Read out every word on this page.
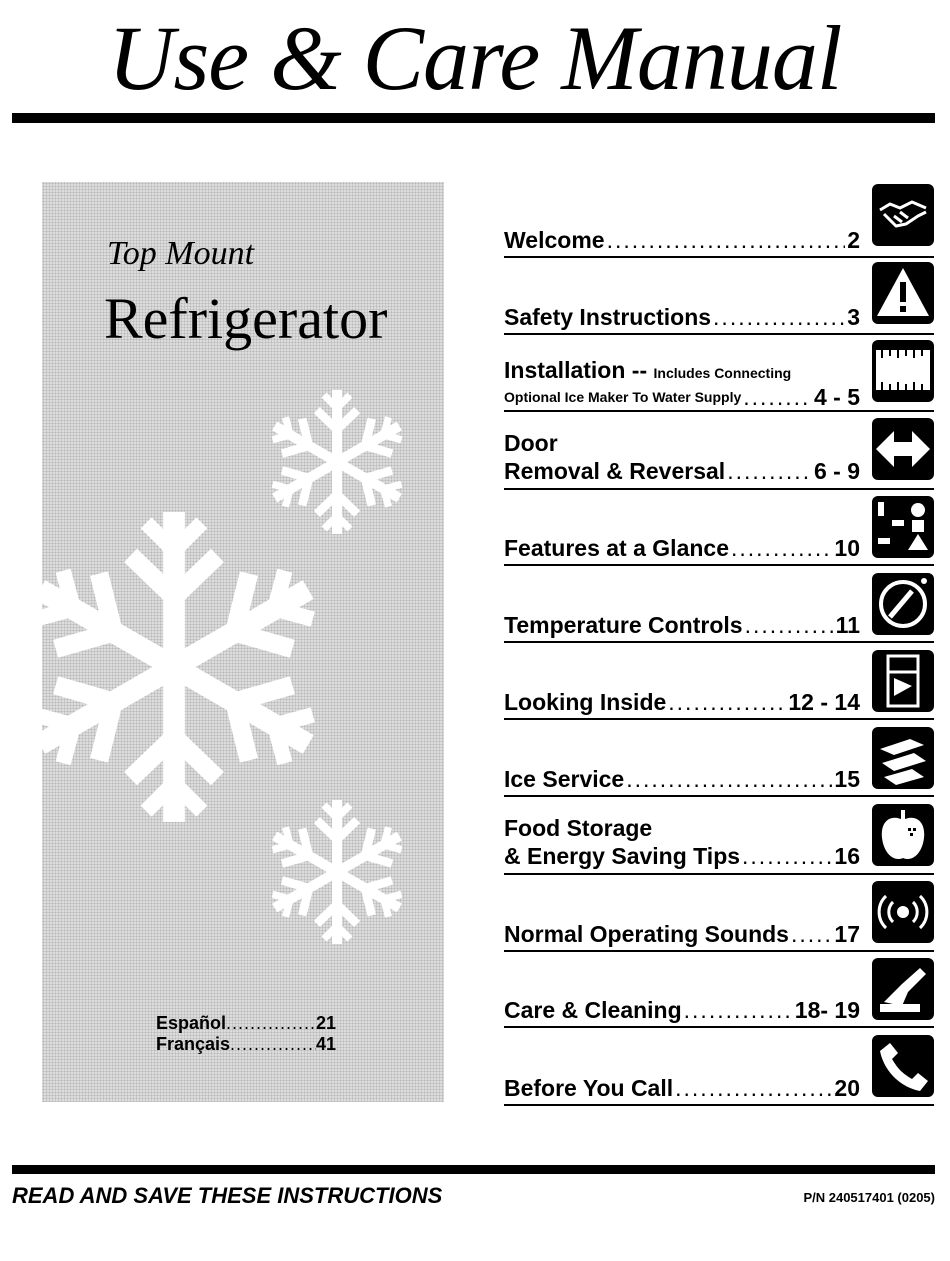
Use & Care Manual
Top Mount
Refrigerator
Español .....	21
Français .....	41
Welcome .....	2
Safety Instructions .....	3
Installation -- Includes Connecting
Optional Ice Maker To Water Supply .....	4 - 5
Door
Removal & Reversal .....	6 - 9
Features at a Glance .....	10
Temperature Controls .....	11
Looking Inside .....	12 - 14
Ice Service .....	15
Food Storage
& Energy Saving Tips .....	16
Normal Operating Sounds ..... 17
Care & Cleaning .....	18- 19
Before You Call .....	20
READ AND SAVE THESE INSTRUCTIONS	P/N 240517401 (0205)
